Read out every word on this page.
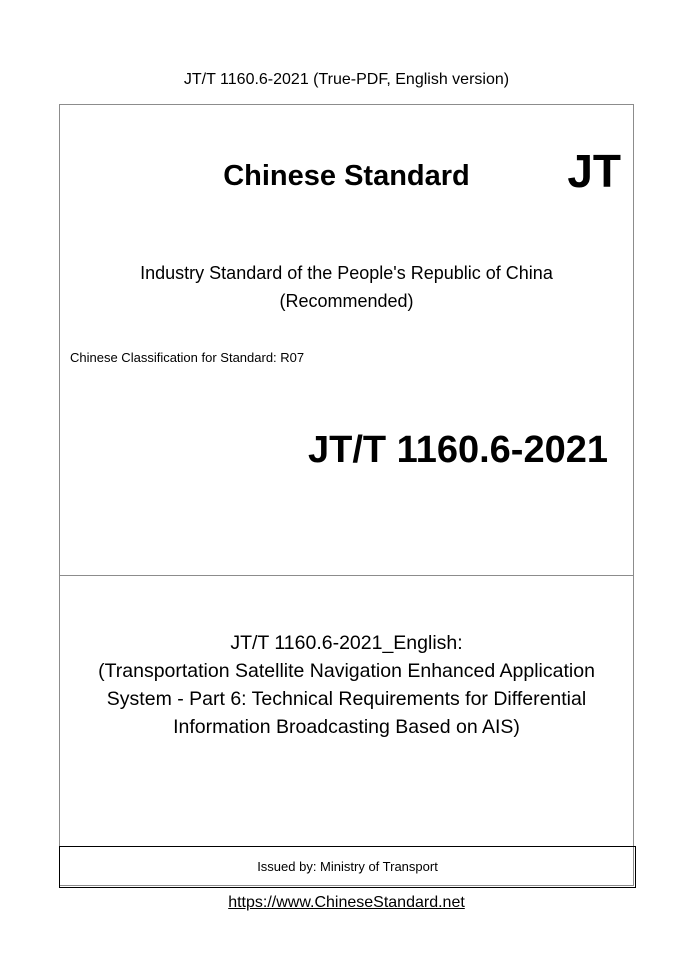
JT/T 1160.6-2021 (True-PDF, English version)
Chinese Standard	JT
Industry Standard of the People's Republic of China
(Recommended)
Chinese Classification for Standard: R07
JT/T 1160.6-2021
JT/T 1160.6-2021_English:
(Transportation Satellite Navigation Enhanced Application
System - Part 6: Technical Requirements for Differential
Information Broadcasting Based on AIS)
Issued by: Ministry of Transport
https://www.ChineseStandard.net
